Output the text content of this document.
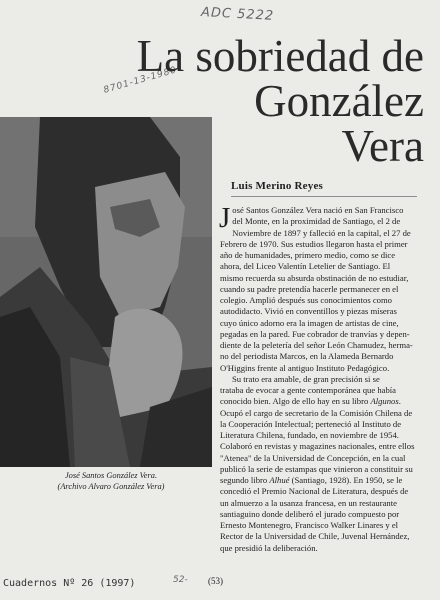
ADC 5222
8701-13-1980
La sobriedad de
González
Vera

José Santos González Vera.
(Archivo Alvaro González Vera)

Luis Merino Reyes

J osé Santos González Vera nació en San Francisco
del Monte, en la proximidad de Santiago, el 2 de
Noviembre de 1897 y falleció en la capital, el 27 de
Febrero de 1970. Sus estudios llegaron hasta el primer
año de humanidades, primero medio, como se dice
ahora, del Liceo Valentín Letelier de Santiago. El
mismo recuerda su absurda obstinación de no estudiar,
cuando su padre pretendía hacerle permanecer en el
colegio. Amplió después sus conocimientos como
autodidacto. Vivió en conventillos y piezas míseras
cuyo único adorno era la imagen de artistas de cine,
pegadas en la pared. Fue cobrador de tranvías y depen-
diente de la peletería del señor León Chamudez, herma-
no del periodista Marcos, en la Alameda Bernardo
O'Higgins frente al antiguo Instituto Pedagógico.

Su trato era amable, de gran precisión si se
trataba de evocar a gente contemporánea que había
conocido bien. Algo de ello hay en su libro Algunos.
Ocupó el cargo de secretario de la Comisión Chilena de
la Cooperación Intelectual; perteneció al Instituto de
Literatura Chilena, fundado, en noviembre de 1954.
Colaboró en revistas y magazines nacionales, entre ellos
"Atenea" de la Universidad de Concepción, en la cual
publicó la serie de estampas que vinieron a constituir su
segundo libro Alhué (Santiago, 1928). En 1950, se le
concedió el Premio Nacional de Literatura, después de
un almuerzo a la usanza francesa, en un restaurante
santiaguino donde deliberó el jurado compuesto por
Ernesto Montenegro, Francisco Walker Linares y el
Rector de la Universidad de Chile, Juvenal Hernández,
que presidió la deliberación.

52- (53)

Cuadernos Nº 26 (1997)
